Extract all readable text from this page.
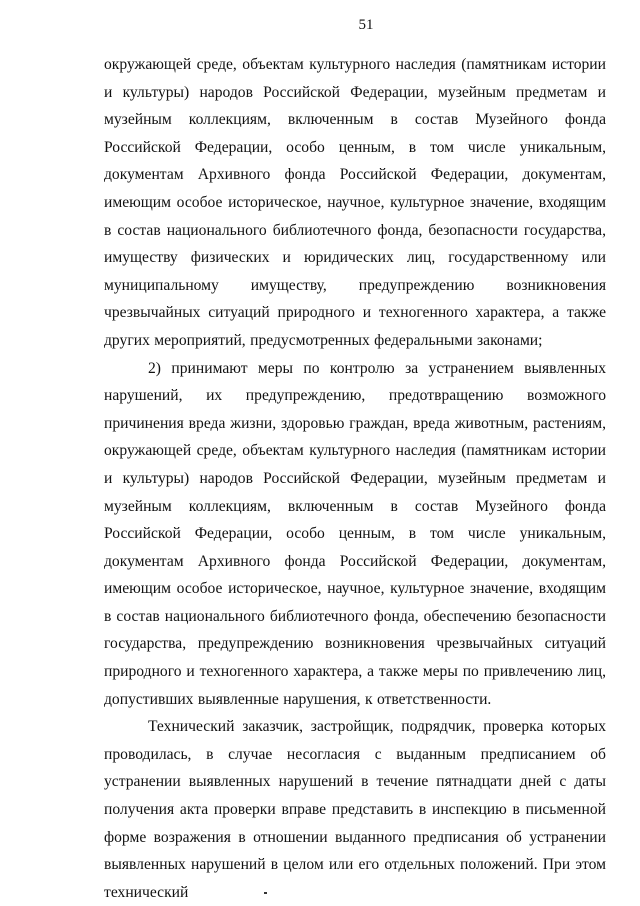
51

окружающей среде, объектам культурного наследия (памятникам истории и культуры) народов Российской Федерации, музейным предметам и музейным коллекциям, включенным в состав Музейного фонда Российской Федерации, особо ценным, в том числе уникальным, документам Архивного фонда Российской Федерации, документам, имеющим особое историческое, научное, культурное значение, входящим в состав национального библиотечного фонда, безопасности государства, имуществу физических и юридических лиц, государственному или муниципальному имуществу, предупреждению возникновения чрезвычайных ситуаций природного и техногенного характера, а также других мероприятий, предусмотренных федеральными законами;

2) принимают меры по контролю за устранением выявленных нарушений, их предупреждению, предотвращению возможного причинения вреда жизни, здоровью граждан, вреда животным, растениям, окружающей среде, объектам культурного наследия (памятникам истории и культуры) народов Российской Федерации, музейным предметам и музейным коллекциям, включенным в состав Музейного фонда Российской Федерации, особо ценным, в том числе уникальным, документам Архивного фонда Российской Федерации, документам, имеющим особое историческое, научное, культурное значение, входящим в состав национального библиотечного фонда, обеспечению безопасности государства, предупреждению возникновения чрезвычайных ситуаций природного и техногенного характера, а также меры по привлечению лиц, допустивших выявленные нарушения, к ответственности.

Технический заказчик, застройщик, подрядчик, проверка которых проводилась, в случае несогласия с выданным предписанием об устранении выявленных нарушений в течение пятнадцати дней с даты получения акта проверки вправе представить в инспекцию в письменной форме возражения в отношении выданного предписания об устранении выявленных нарушений в целом или его отдельных положений. При этом технический
